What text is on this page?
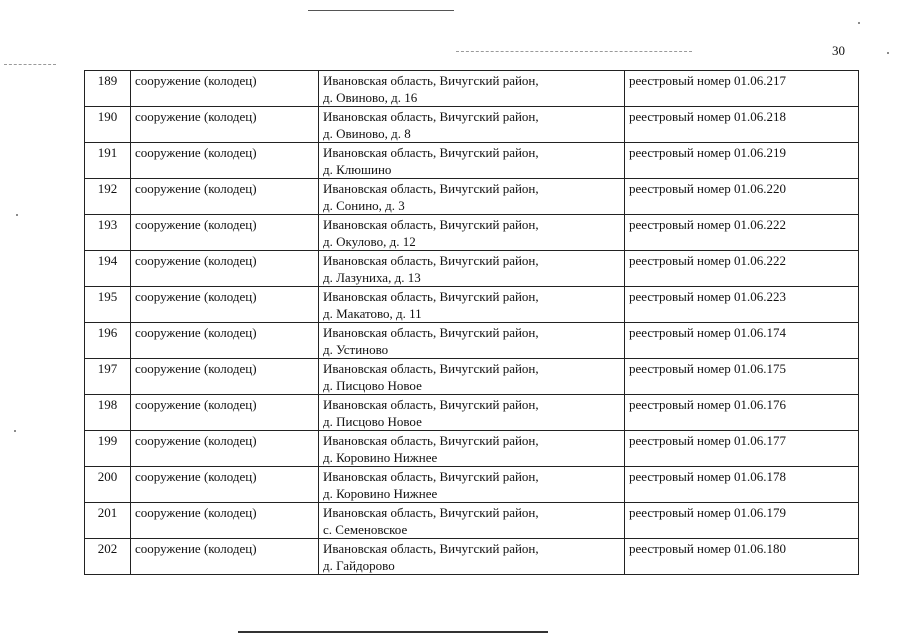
30
189	сооружение (колодец)	Ивановская область, Вичугский район,
д. Овиново, д. 16	реестровый номер 01.06.217
190	сооружение (колодец)	Ивановская область, Вичугский район,
д. Овиново, д. 8	реестровый номер 01.06.218
191	сооружение (колодец)	Ивановская область, Вичугский район,
д. Клюшино	реестровый номер 01.06.219
192	сооружение (колодец)	Ивановская область, Вичугский район,
д. Сонино, д. 3	реестровый номер 01.06.220
193	сооружение (колодец)	Ивановская область, Вичугский район,
д. Окулово, д. 12	реестровый номер 01.06.222
194	сооружение (колодец)	Ивановская область, Вичугский район,
д. Лазуниха, д. 13	реестровый номер 01.06.222
195	сооружение (колодец)	Ивановская область, Вичугский район,
д. Макатово, д. 11	реестровый номер 01.06.223
196	сооружение (колодец)	Ивановская область, Вичугский район,
д. Устиново	реестровый номер 01.06.174
197	сооружение (колодец)	Ивановская область, Вичугский район,
д. Писцово Новое	реестровый номер 01.06.175
198	сооружение (колодец)	Ивановская область, Вичугский район,
д. Писцово Новое	реестровый номер 01.06.176
199	сооружение (колодец)	Ивановская область, Вичугский район,
д. Коровино Нижнее	реестровый номер 01.06.177
200	сооружение (колодец)	Ивановская область, Вичугский район,
д. Коровино Нижнее	реестровый номер 01.06.178
201	сооружение (колодец)	Ивановская область, Вичугский район,
с. Семеновское	реестровый номер 01.06.179
202	сооружение (колодец)	Ивановская область, Вичугский район,
д. Гайдорово	реестровый номер 01.06.180
